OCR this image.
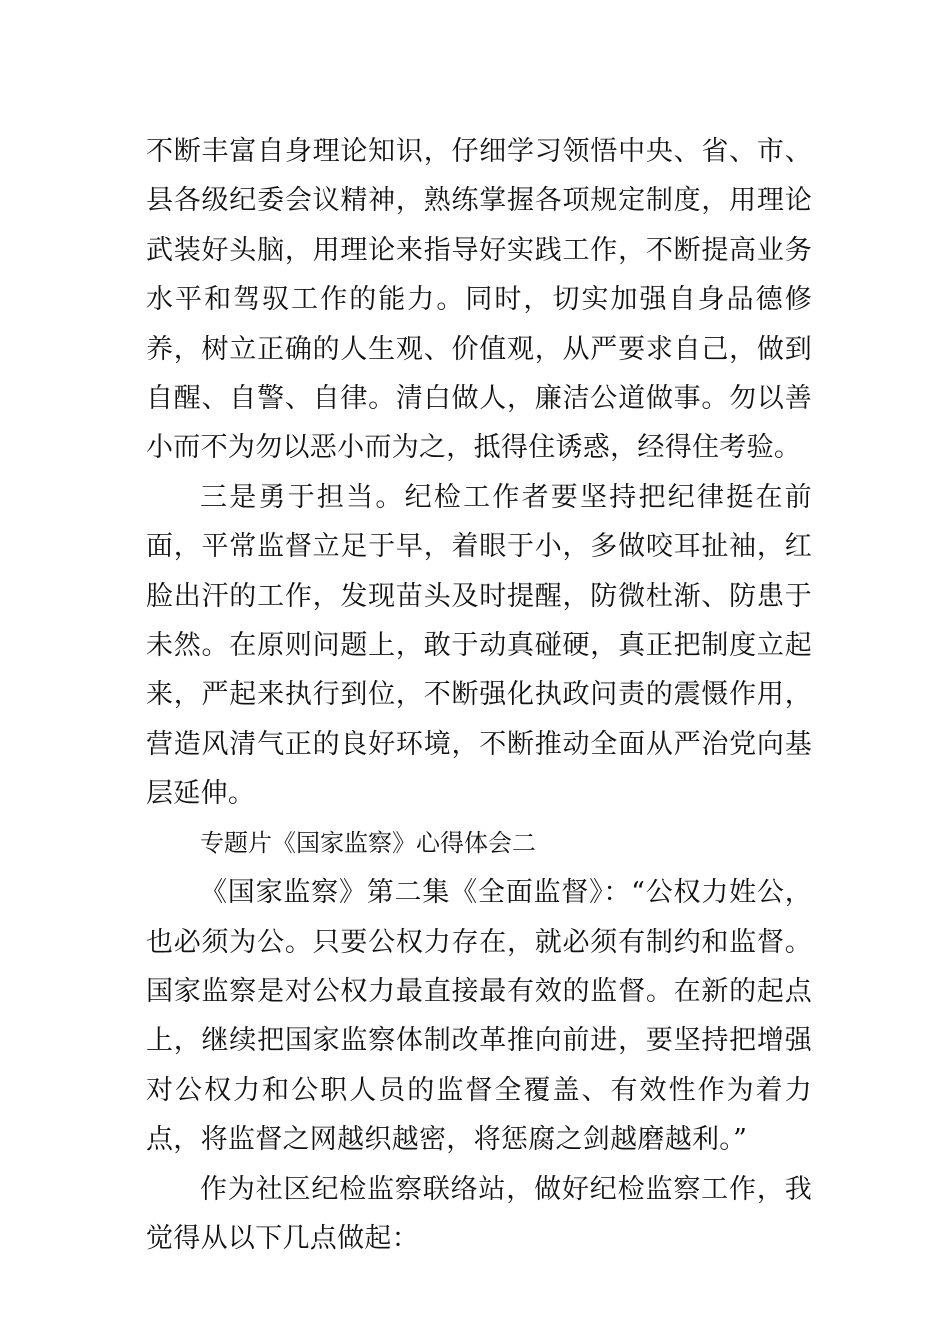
不断丰富自身理论知识，仔细学习领悟中央、省、市、县各级纪委会议精神，熟练掌握各项规定制度，用理论武装好头脑，用理论来指导好实践工作，不断提高业务水平和驾驭工作的能力。同时，切实加强自身品德修养，树立正确的人生观、价值观，从严要求自己，做到自醒、自警、自律。清白做人，廉洁公道做事。勿以善小而不为勿以恶小而为之，抵得住诱惑，经得住考验。

三是勇于担当。纪检工作者要坚持把纪律挺在前面，平常监督立足于早，着眼于小，多做咬耳扯袖，红脸出汗的工作，发现苗头及时提醒，防微杜渐、防患于未然。在原则问题上，敢于动真碰硬，真正把制度立起来，严起来执行到位，不断强化执政问责的震慑作用，营造风清气正的良好环境，不断推动全面从严治党向基层延伸。

专题片《国家监察》心得体会二

《国家监察》第二集《全面监督》：“公权力姓公，也必须为公。只要公权力存在，就必须有制约和监督。国家监察是对公权力最直接最有效的监督。在新的起点上，继续把国家监察体制改革推向前进，要坚持把增强对公权力和公职人员的监督全覆盖、有效性作为着力点，将监督之网越织越密，将惩腐之剑越磨越利。”

作为社区纪检监察联络站，做好纪检监察工作，我觉得从以下几点做起：
